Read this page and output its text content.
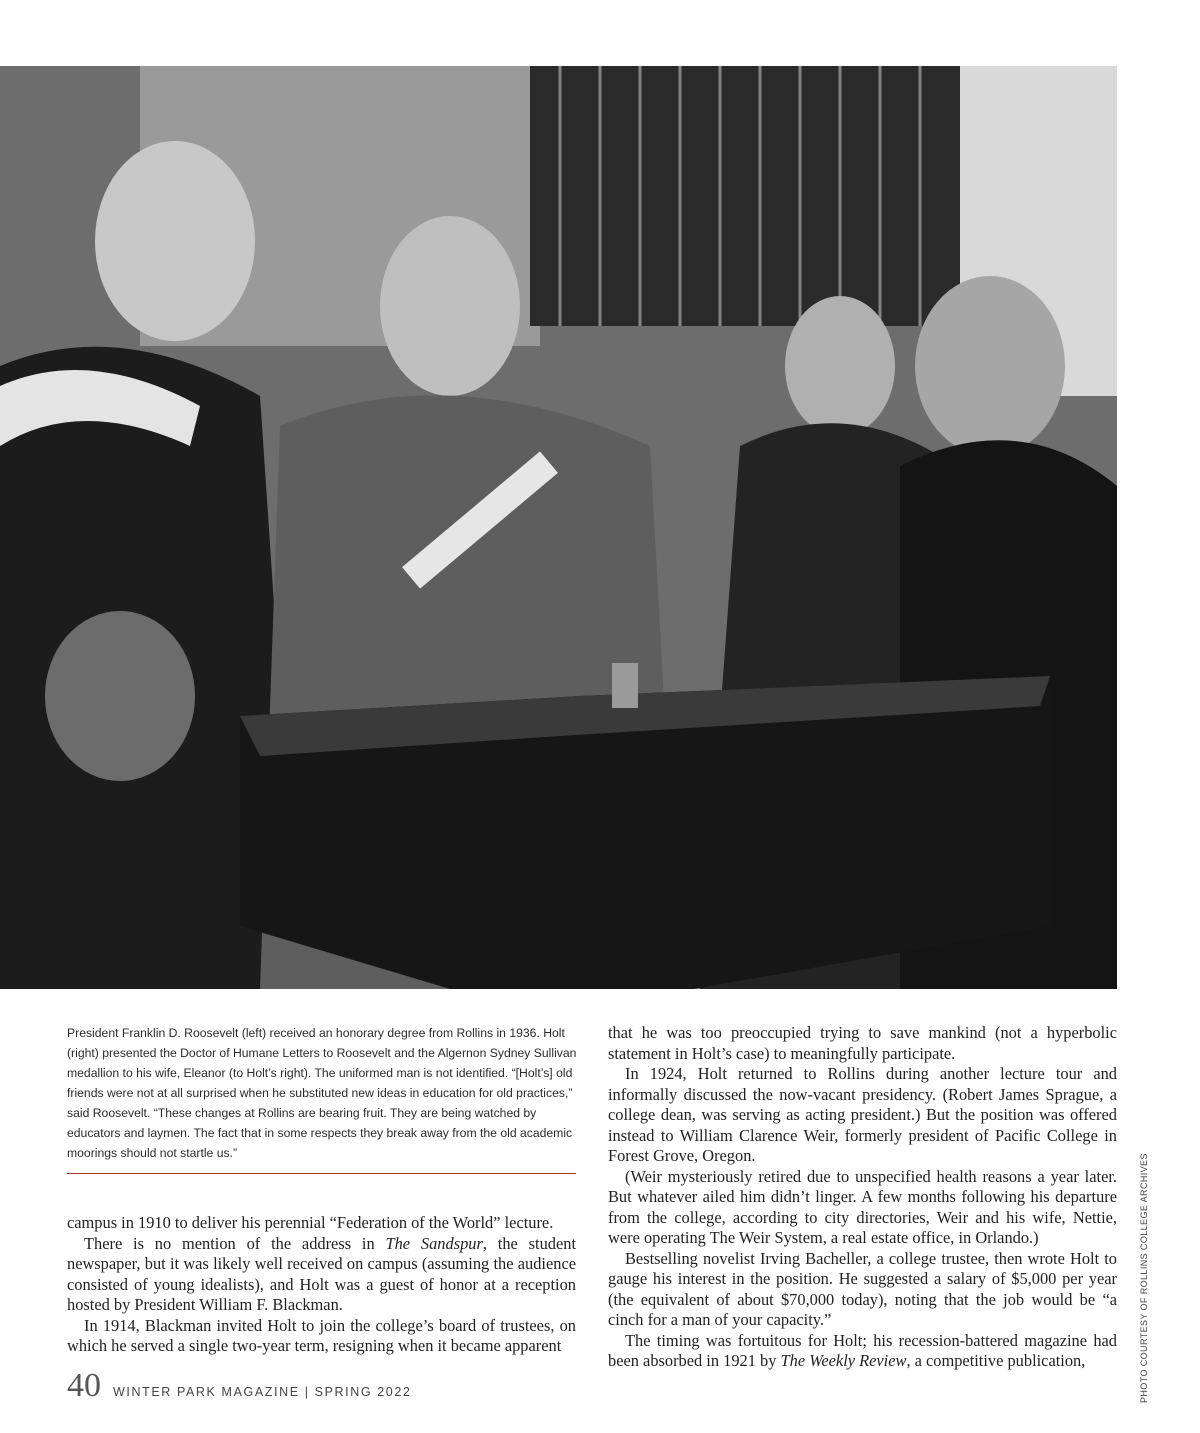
President Franklin D. Roosevelt (left) received an honorary degree from Rollins in 1936. Holt (right) presented the Doctor of Humane Letters to Roosevelt and the Algernon Sydney Sullivan medallion to his wife, Eleanor (to Holt’s right). The uniformed man is not identified. “[Holt’s] old friends were not at all surprised when he substituted new ideas in education for old practices,” said Roosevelt. “These changes at Rollins are bearing fruit. They are being watched by educators and laymen. The fact that in some respects they break away from the old academic moorings should not startle us.”

campus in 1910 to deliver his perennial “Federation of the World” lecture.

There is no mention of the address in The Sandspur, the student newspaper, but it was likely well received on campus (assuming the audience consisted of young idealists), and Holt was a guest of honor at a reception hosted by President William F. Blackman.

In 1914, Blackman invited Holt to join the college’s board of trustees, on which he served a single two-year term, resigning when it became apparent

that he was too preoccupied trying to save mankind (not a hyperbolic statement in Holt’s case) to meaningfully participate.

In 1924, Holt returned to Rollins during another lecture tour and informally discussed the now-vacant presidency. (Robert James Sprague, a college dean, was serving as acting president.) But the position was offered instead to William Clarence Weir, formerly president of Pacific College in Forest Grove, Oregon.

(Weir mysteriously retired due to unspecified health reasons a year later. But whatever ailed him didn’t linger. A few months following his departure from the college, according to city directories, Weir and his wife, Nettie, were operating The Weir System, a real estate office, in Orlando.)

Bestselling novelist Irving Bacheller, a college trustee, then wrote Holt to gauge his interest in the position. He suggested a salary of $5,000 per year (the equivalent of about $70,000 today), noting that the job would be “a cinch for a man of your capacity.”

The timing was fortuitous for Holt; his recession-battered magazine had been absorbed in 1921 by The Weekly Review, a competitive publication,

40 WINTER PARK MAGAZINE | SPRING 2022	PHOTO COURTESY OF ROLLINS COLLEGE ARCHIVES
